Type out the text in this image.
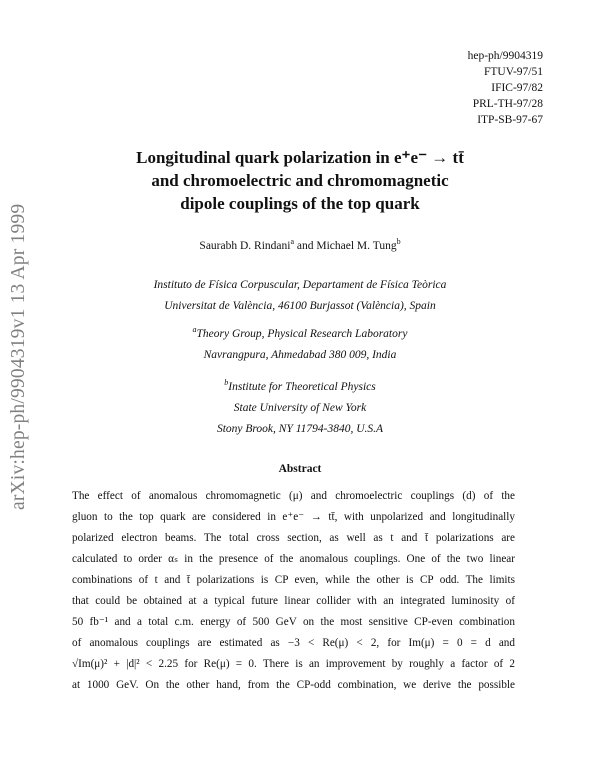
arXiv:hep-ph/9904319v1 13 Apr 1999
hep-ph/9904319
FTUV-97/51
IFIC-97/82
PRL-TH-97/28
ITP-SB-97-67
Longitudinal quark polarization in e⁺e⁻ → tt̄
and chromoelectric and chromomagnetic
dipole couplings of the top quark
Saurabh D. Rindani$^a$ and Michael M. Tung$^b$
Instituto de Física Corpuscular, Departament de Física Teòrica
Universitat de València, 46100 Burjassot (València), Spain
$^a$Theory Group, Physical Research Laboratory
Navrangpura, Ahmedabad 380 009, India
$^b$Institute for Theoretical Physics
State University of New York
Stony Brook, NY 11794-3840, U.S.A
Abstract
The effect of anomalous chromomagnetic (μ) and chromoelectric couplings (d) of the
gluon to the top quark are considered in e⁺e⁻ → tt̄, with unpolarized and longitudinally
polarized electron beams. The total cross section, as well as t and t̄ polarizations are
calculated to order αₛ in the presence of the anomalous couplings. One of the two linear
combinations of t and t̄ polarizations is CP even, while the other is CP odd. The limits
that could be obtained at a typical future linear collider with an integrated luminosity of
50 fb⁻¹ and a total c.m. energy of 500 GeV on the most sensitive CP-even combination
of anomalous couplings are estimated as −3 < Re(μ) < 2, for Im(μ) = 0 = d and
√Im(μ)² + |d|² < 2.25 for Re(μ) = 0. There is an improvement by roughly a factor of 2
at 1000 GeV. On the other hand, from the CP-odd combination, we derive the possible
